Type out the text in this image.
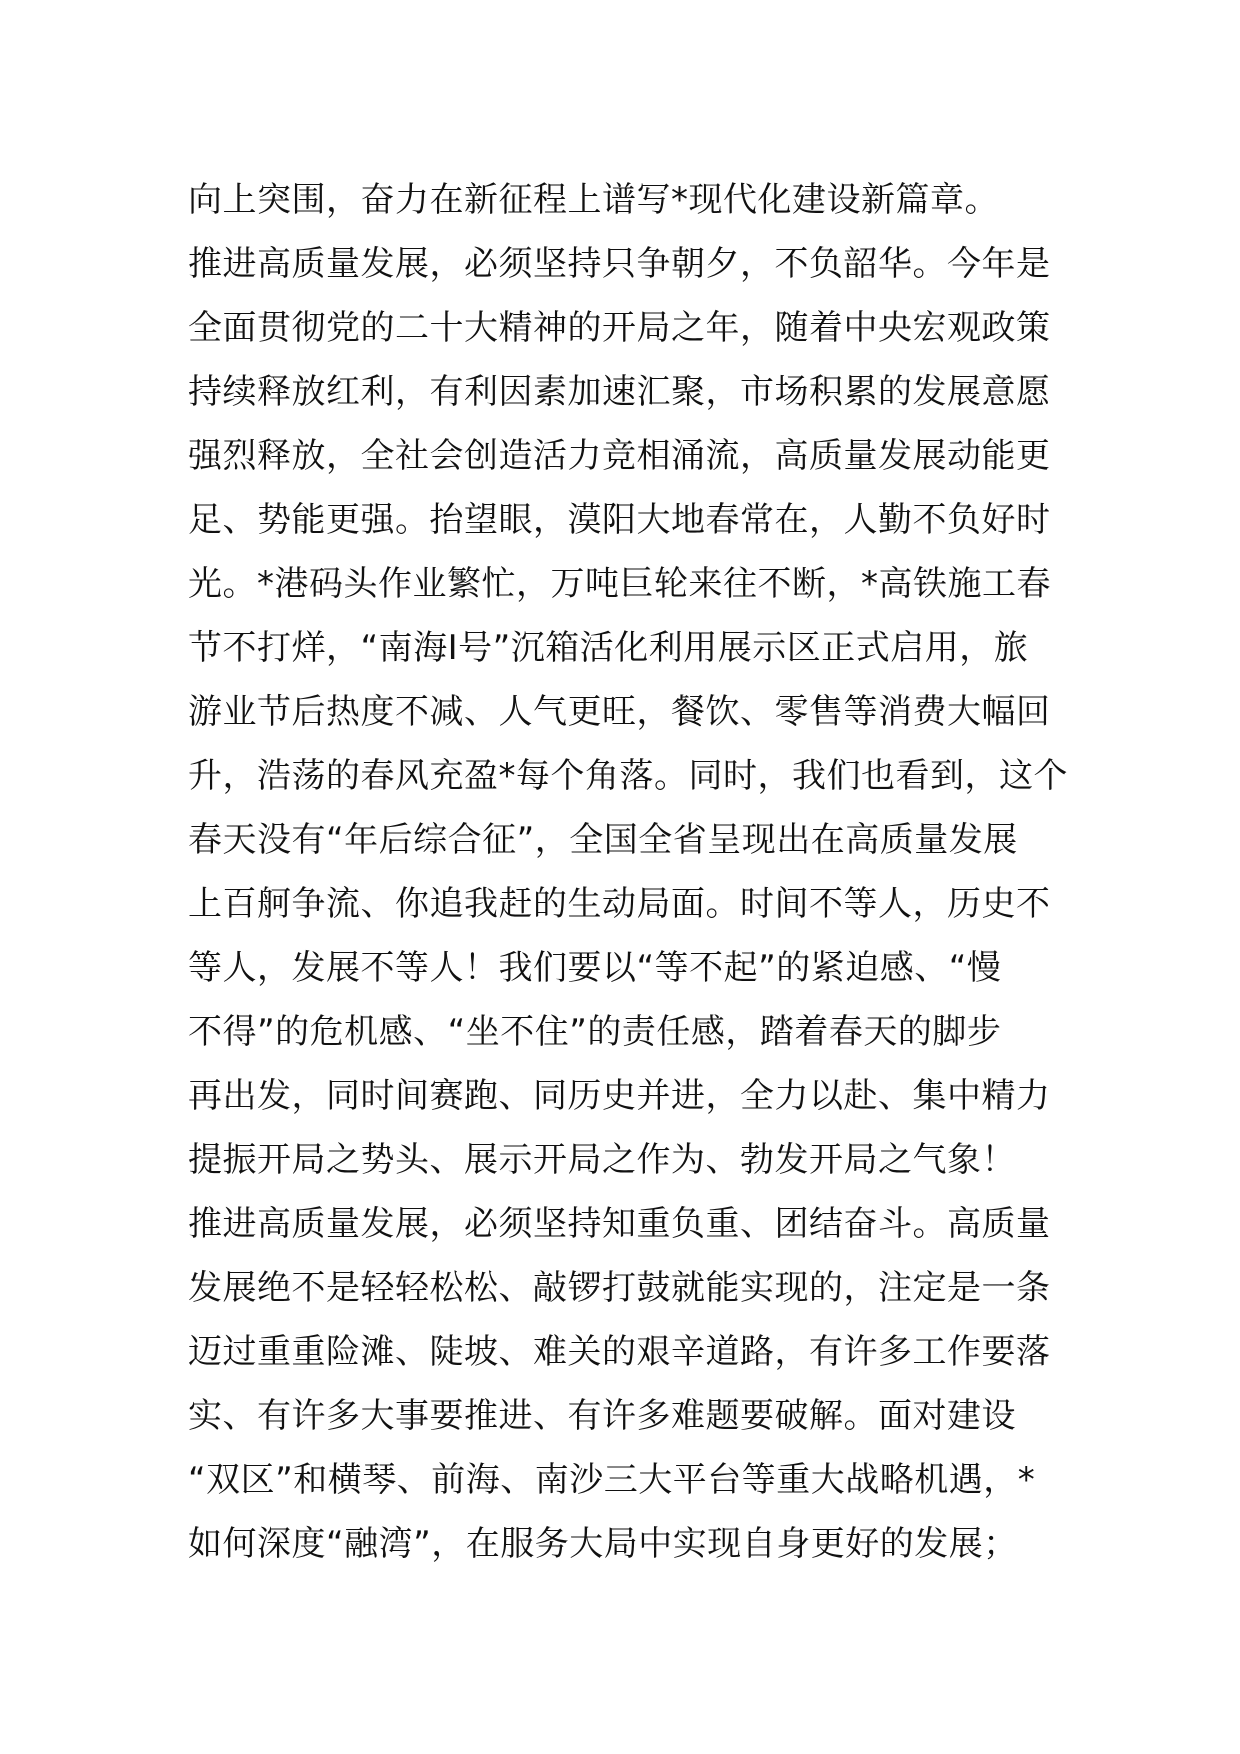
向上突围，奋力在新征程上谱写*现代化建设新篇章。
推进高质量发展，必须坚持只争朝夕，不负韶华。今年是
全面贯彻党的二十大精神的开局之年，随着中央宏观政策
持续释放红利，有利因素加速汇聚，市场积累的发展意愿
强烈释放，全社会创造活力竞相涌流，高质量发展动能更
足、势能更强。抬望眼，漠阳大地春常在，人勤不负好时
光。*港码头作业繁忙，万吨巨轮来往不断，*高铁施工春
节不打烊，“南海Ⅰ号”沉箱活化利用展示区正式启用，旅
游业节后热度不减、人气更旺，餐饮、零售等消费大幅回
升，浩荡的春风充盈*每个角落。同时，我们也看到，这个
春天没有“年后综合征”，全国全省呈现出在高质量发展
上百舸争流、你追我赶的生动局面。时间不等人，历史不
等人，发展不等人！我们要以“等不起”的紧迫感、“慢
不得”的危机感、“坐不住”的责任感，踏着春天的脚步
再出发，同时间赛跑、同历史并进，全力以赴、集中精力
提振开局之势头、展示开局之作为、勃发开局之气象！
推进高质量发展，必须坚持知重负重、团结奋斗。高质量
发展绝不是轻轻松松、敲锣打鼓就能实现的，注定是一条
迈过重重险滩、陡坡、难关的艰辛道路，有许多工作要落
实、有许多大事要推进、有许多难题要破解。面对建设
“双区”和横琴、前海、南沙三大平台等重大战略机遇，*
如何深度“融湾”，在服务大局中实现自身更好的发展；
